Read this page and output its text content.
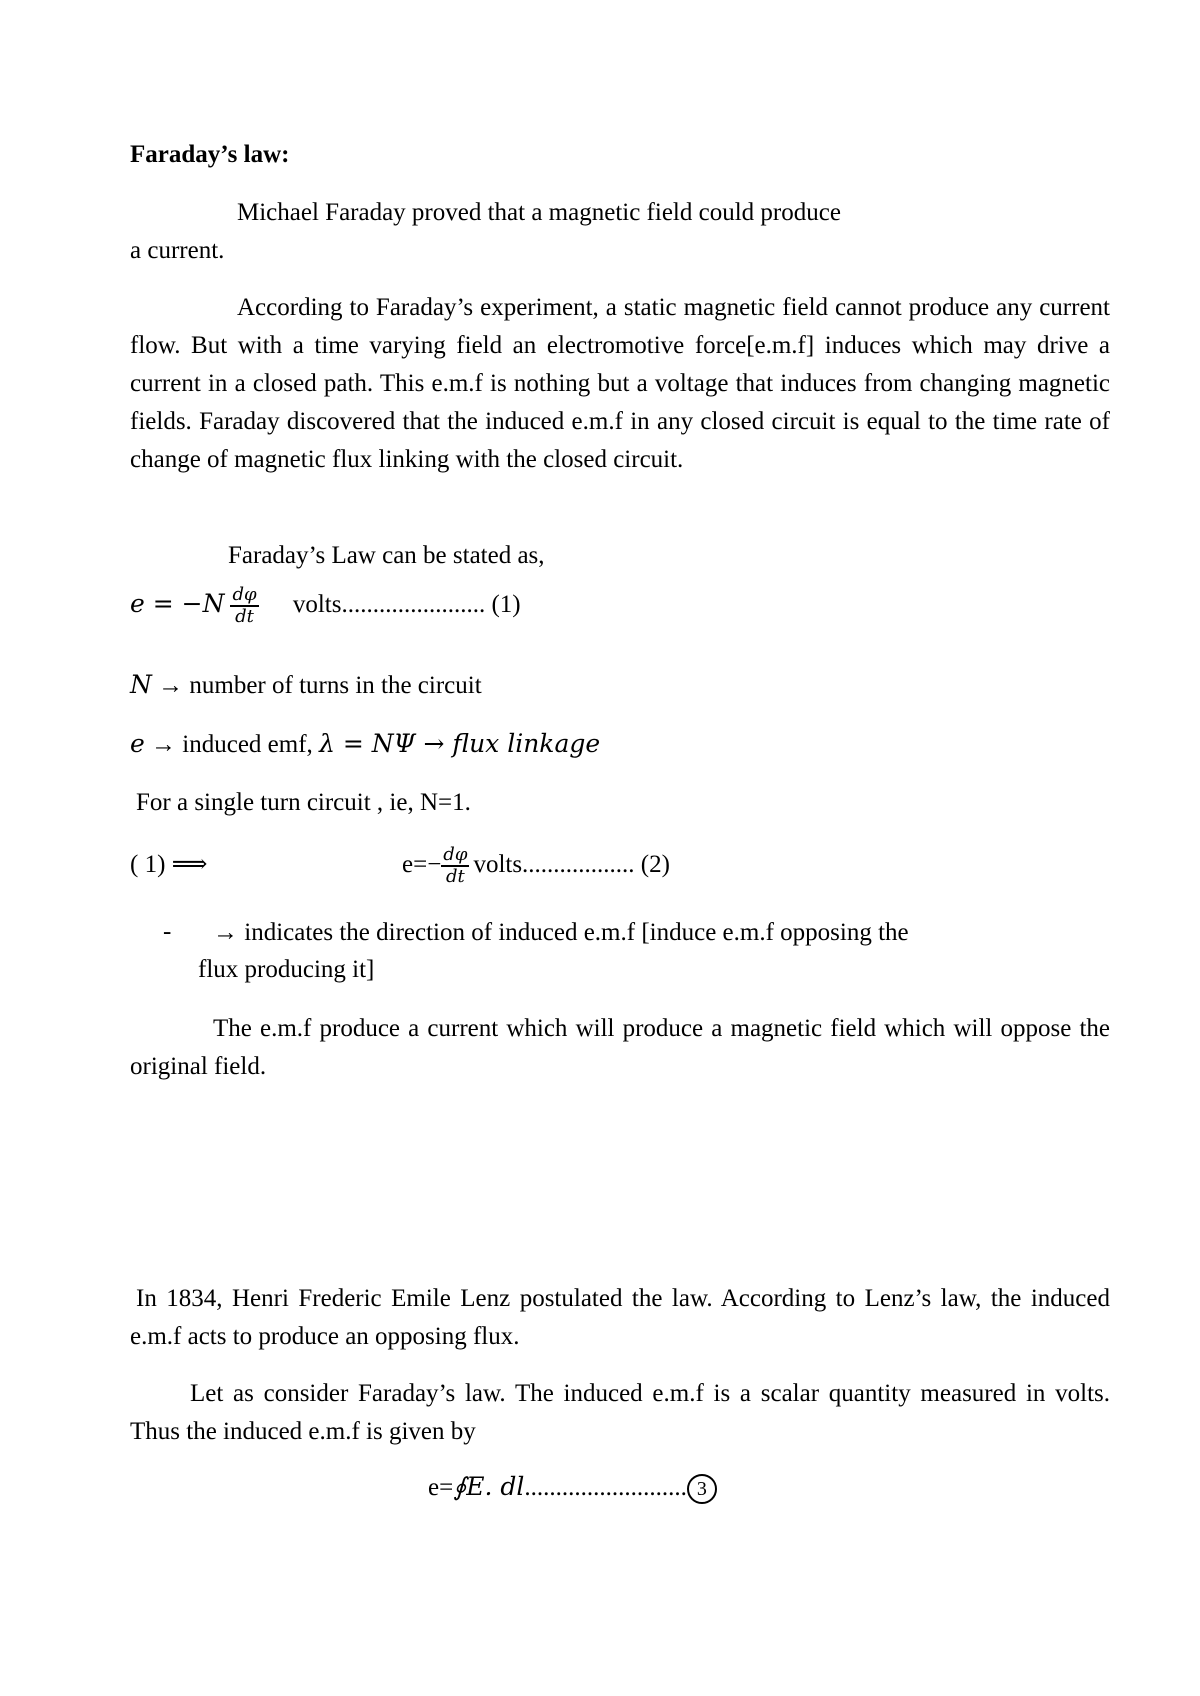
Faraday’s law:
Michael Faraday proved that a magnetic field could produce
a current.
According to Faraday’s experiment, a static magnetic field cannot produce any current flow. But with a time varying field an electromotive force[e.m.f] induces which may drive a current in a closed path. This e.m.f is nothing but a voltage that induces from changing magnetic fields. Faraday discovered that the induced e.m.f in any closed circuit is equal to the time rate of change of magnetic flux linking with the closed circuit.
Faraday’s Law can be stated as,
$e = -N \frac{d\varphi}{dt}$ volts....................... (1)
N → number of turns in the circuit
e → induced emf, λ = NΨ → flux linkage
For a single turn circuit , ie, N=1.
( 1) ⟹	$e=- \frac{d\varphi}{dt}$ volts.................. (2)
- → indicates the direction of induced e.m.f [induce e.m.f opposing the
flux producing it]
The e.m.f produce a current which will produce a magnetic field which will oppose the original field.
In 1834, Henri Frederic Emile Lenz postulated the law. According to Lenz’s law, the induced e.m.f acts to produce an opposing flux.
Let as consider Faraday’s law. The induced e.m.f is a scalar quantity measured in volts. Thus the induced e.m.f is given by
e=∮E. dl.......................... 3
